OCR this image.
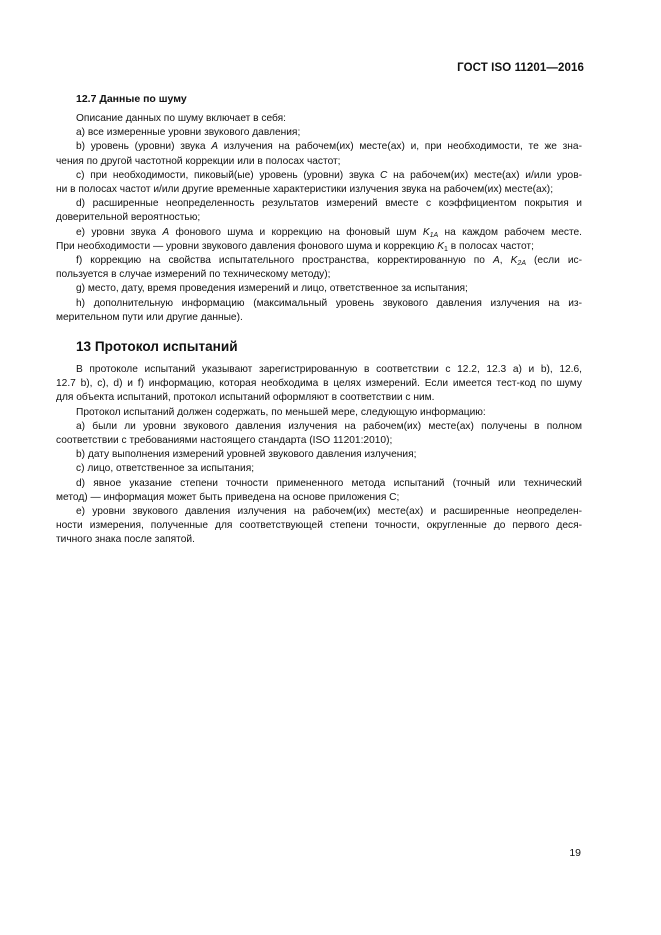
ГОСТ ISO 11201—2016
12.7 Данные по шуму
Описание данных по шуму включает в себя:
a) все измеренные уровни звукового давления;
b) уровень (уровни) звука A излучения на рабочем(их) месте(ах) и, при необходимости, те же зна-
чения по другой частотной коррекции или в полосах частот;
c) при необходимости, пиковый(ые) уровень (уровни) звука C на рабочем(их) месте(ах) и/или уров-
ни в полосах частот и/или другие временные характеристики излучения звука на рабочем(их) месте(ах);
d) расширенные неопределенность результатов измерений вместе с коэффициентом покрытия и
доверительной вероятностью;
e) уровни звука A фонового шума и коррекцию на фоновый шум $K_{1A}$ на каждом рабочем месте.
При необходимости — уровни звукового давления фонового шума и коррекцию $K_1$ в полосах частот;
f) коррекцию на свойства испытательного пространства, корректированную по A, $K_{2A}$ (если ис-
пользуется в случае измерений по техническому методу);
g) место, дату, время проведения измерений и лицо, ответственное за испытания;
h) дополнительную информацию (максимальный уровень звукового давления излучения на из-
мерительном пути или другие данные).
13 Протокол испытаний
В протоколе испытаний указывают зарегистрированную в соответствии с 12.2, 12.3 a) и b), 12.6,
12.7 b), c), d) и f) информацию, которая необходима в целях измерений. Если имеется тест-код по шуму
для объекта испытаний, протокол испытаний оформляют в соответствии с ним.
Протокол испытаний должен содержать, по меньшей мере, следующую информацию:
a) были ли уровни звукового давления излучения на рабочем(их) месте(ах) получены в полном
соответствии с требованиями настоящего стандарта (ISO 11201:2010);
b) дату выполнения измерений уровней звукового давления излучения;
c) лицо, ответственное за испытания;
d) явное указание степени точности примененного метода испытаний (точный или технический
метод) — информация может быть приведена на основе приложения C;
e) уровни звукового давления излучения на рабочем(их) месте(ах) и расширенные неопределен-
ности измерения, полученные для соответствующей степени точности, округленные до первого деся-
тичного знака после запятой.
19
